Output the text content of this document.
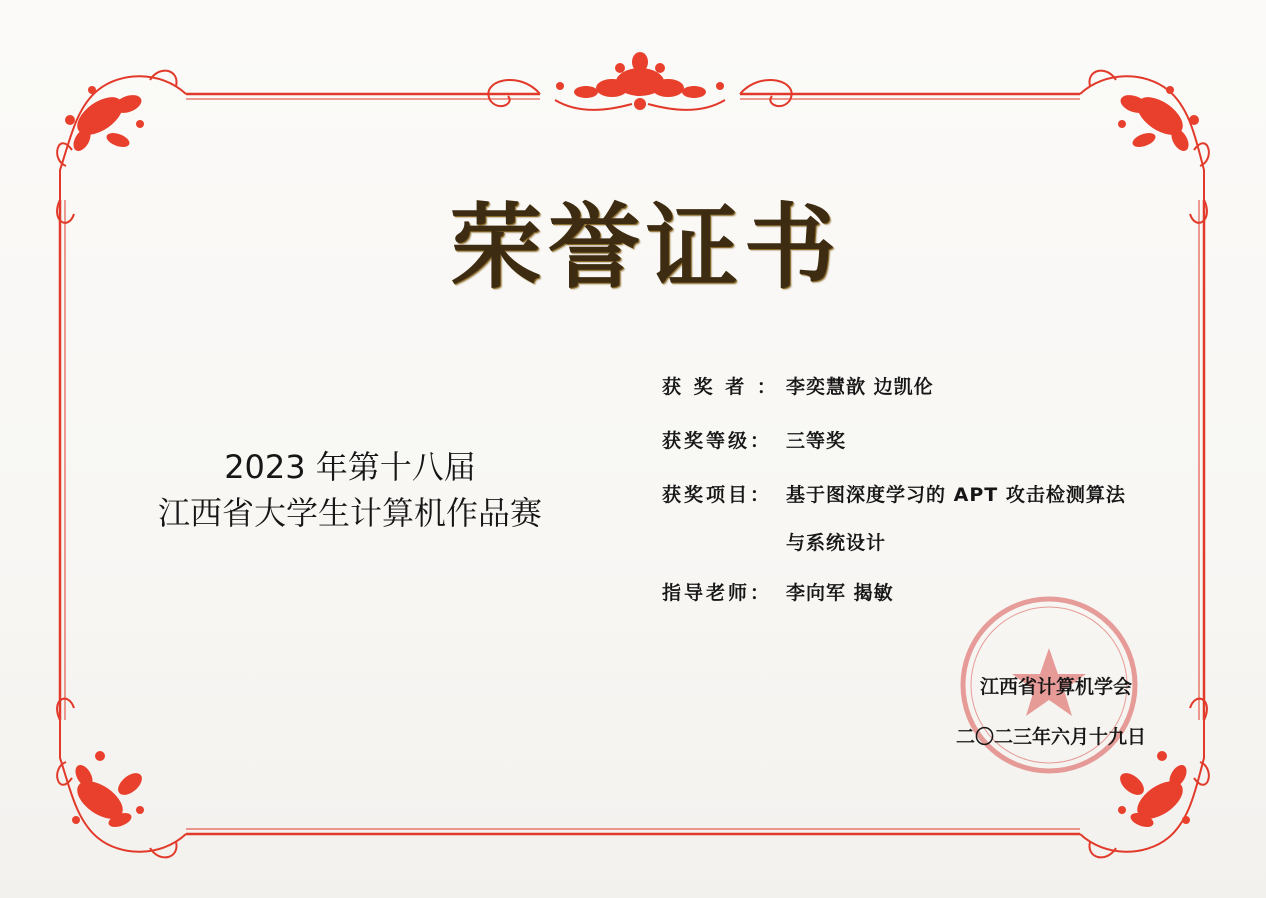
荣誉证书
2023 年第十八届
江西省大学生计算机作品赛
获 奖 者 ： 李奕慧歆 边凯伦
获奖等级： 三等奖
获奖项目： 基于图深度学习的 APT 攻击检测算法
与系统设计
指导老师： 李向军 揭敏
江西省计算机学会
二〇二三年六月十九日
